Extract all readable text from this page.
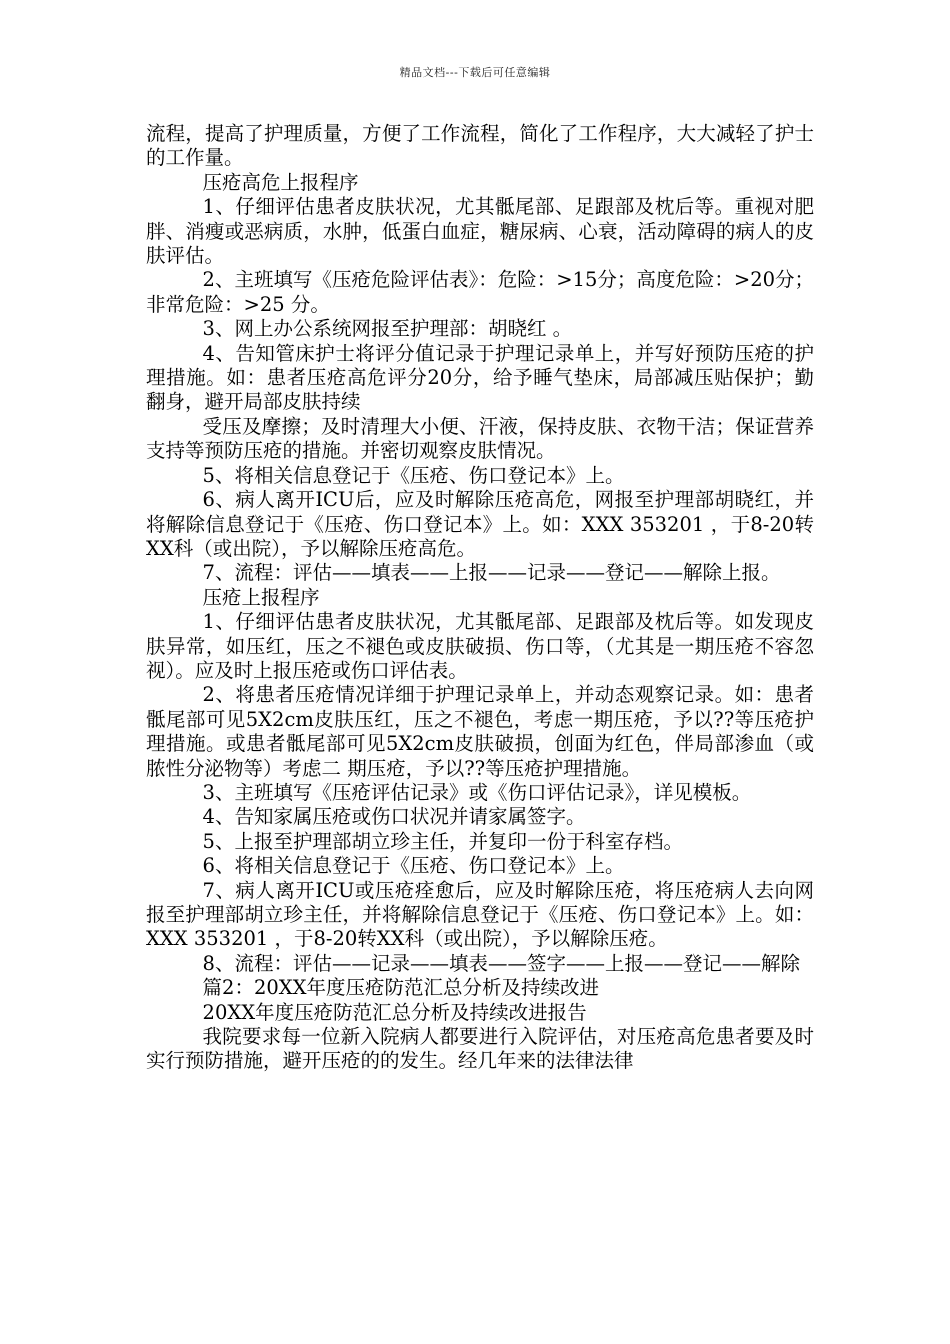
精品文档---下载后可任意编辑

流程，提高了护理质量，方便了工作流程，简化了工作程序，大大减轻了护士的工作量。

压疮高危上报程序

1、仔细评估患者皮肤状况，尤其骶尾部、足跟部及枕后等。重视对肥胖、消瘦或恶病质，水肿，低蛋白血症，糖尿病、心衰，活动障碍的病人的皮肤评估。

2、主班填写《压疮危险评估表》：危险：>15分；高度危险：>20分；非常危险：>25 分。

3、网上办公系统网报至护理部：胡晓红 。

4、告知管床护士将评分值记录于护理记录单上，并写好预防压疮的护理措施。如：患者压疮高危评分20分，给予睡气垫床，局部减压贴保护；勤翻身，避开局部皮肤持续

受压及摩擦；及时清理大小便、汗液，保持皮肤、衣物干洁；保证营养支持等预防压疮的措施。并密切观察皮肤情况。

5、将相关信息登记于《压疮、伤口登记本》上。

6、病人离开ICU后，应及时解除压疮高危，网报至护理部胡晓红，并将解除信息登记于《压疮、伤口登记本》上。如：XXX 353201 ，于8-20转XX科（或出院），予以解除压疮高危。

7、流程：评估——填表——上报——记录——登记——解除上报。

压疮上报程序

1、仔细评估患者皮肤状况，尤其骶尾部、足跟部及枕后等。如发现皮肤异常，如压红，压之不褪色或皮肤破损、伤口等，（尤其是一期压疮不容忽视）。应及时上报压疮或伤口评估表。

2、将患者压疮情况详细于护理记录单上，并动态观察记录。如：患者骶尾部可见5X2cm皮肤压红，压之不褪色，考虑一期压疮，予以??等压疮护理措施。或患者骶尾部可见5X2cm皮肤破损，创面为红色，伴局部渗血（或脓性分泌物等）考虑二 期压疮，予以??等压疮护理措施。

3、主班填写《压疮评估记录》或《伤口评估记录》，详见模板。

4、告知家属压疮或伤口状况并请家属签字。

5、上报至护理部胡立珍主任，并复印一份于科室存档。

6、将相关信息登记于《压疮、伤口登记本》上。

7、病人离开ICU或压疮痊愈后，应及时解除压疮，将压疮病人去向网报至护理部胡立珍主任，并将解除信息登记于《压疮、伤口登记本》上。如：XXX 353201 ，于8-20转XX科（或出院），予以解除压疮。

8、流程：评估——记录——填表——签字——上报——登记——解除

篇2：20XX年度压疮防范汇总分析及持续改进

20XX年度压疮防范汇总分析及持续改进报告

我院要求每一位新入院病人都要进行入院评估，对压疮高危患者要及时实行预防措施，避开压疮的的发生。经几年来的法律法律
